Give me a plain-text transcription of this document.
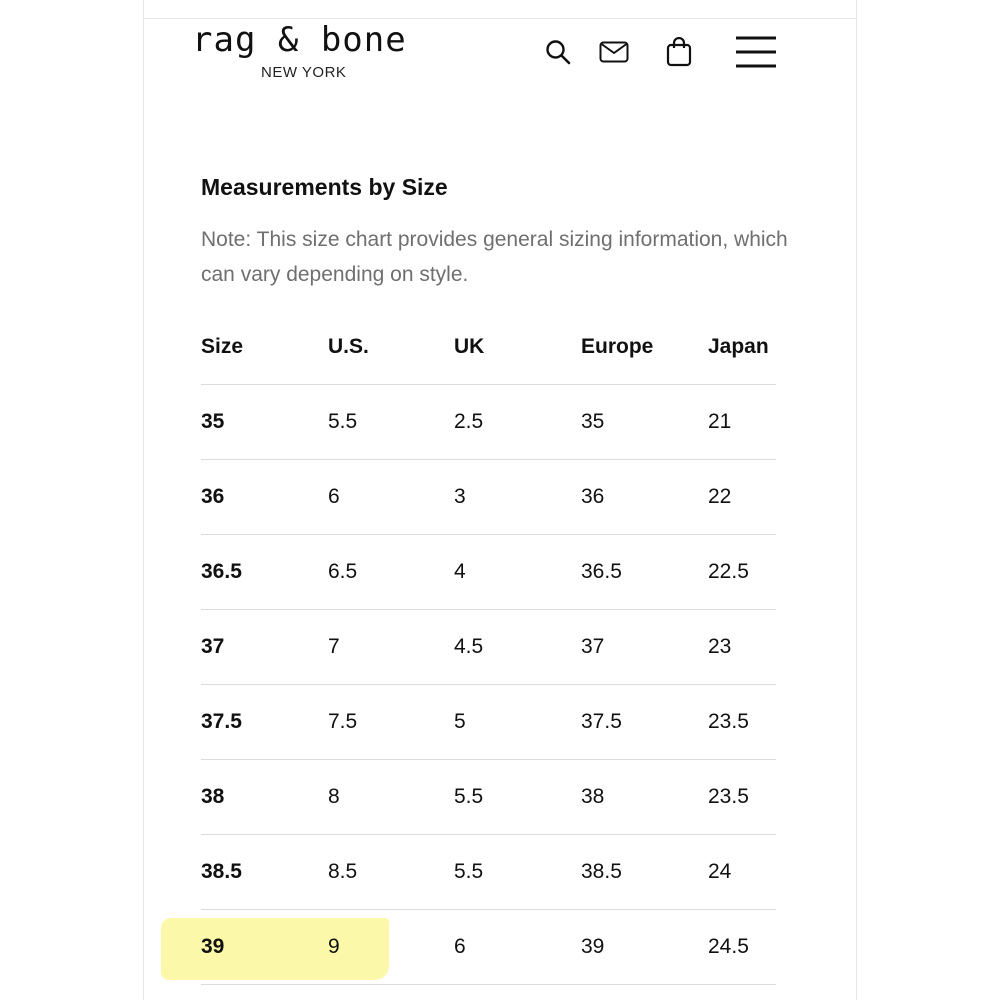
rag & bone
NEW YORK
Measurements by Size
Note: This size chart provides general sizing information, which can vary depending on style.
Size	U.S.	UK	Europe	Japan
35	5.5	2.5	35	21
36	6	3	36	22
36.5	6.5	4	36.5	22.5
37	7	4.5	37	23
37.5	7.5	5	37.5	23.5
38	8	5.5	38	23.5
38.5	8.5	5.5	38.5	24
39	9	6	39	24.5
